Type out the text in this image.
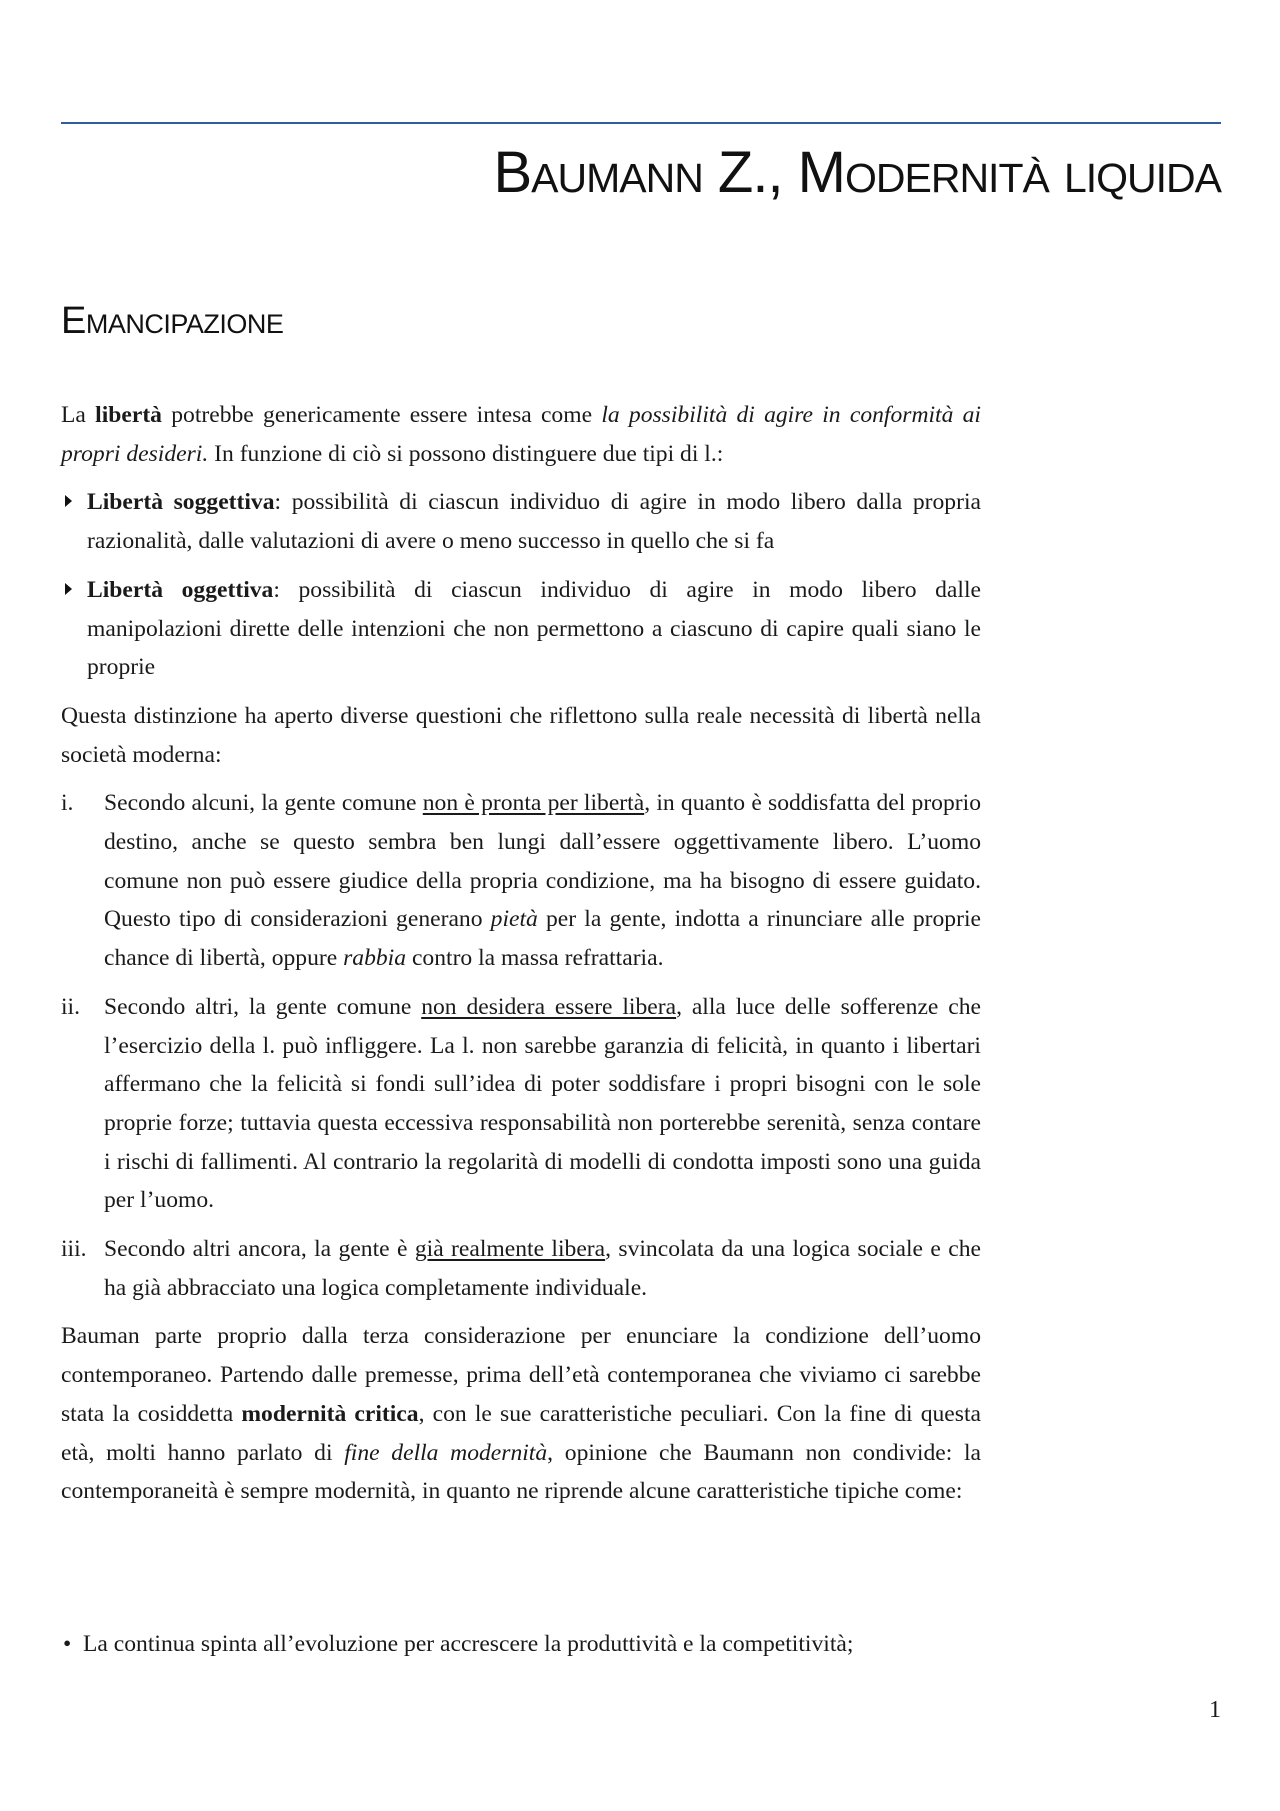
Baumann Z., Modernità liquida
Emancipazione

La libertà potrebbe genericamente essere intesa come la possibilità di agire in conformità ai propri desideri. In funzione di ciò si possono distinguere due tipi di l.:

Libertà soggettiva: possibilità di ciascun individuo di agire in modo libero dalla propria razionalità, dalle valutazioni di avere o meno successo in quello che si fa
Libertà oggettiva: possibilità di ciascun individuo di agire in modo libero dalle manipolazioni dirette delle intenzioni che non permettono a ciascuno di capire quali siano le proprie

Questa distinzione ha aperto diverse questioni che riflettono sulla reale necessità di libertà nella società moderna:

i. Secondo alcuni, la gente comune non è pronta per libertà, in quanto è soddisfatta del proprio destino, anche se questo sembra ben lungi dall’essere oggettivamente libero. L’uomo comune non può essere giudice della propria condizione, ma ha bisogno di essere guidato. Questo tipo di considerazioni generano pietà per la gente, indotta a rinunciare alle proprie chance di libertà, oppure rabbia contro la massa refrattaria.
ii. Secondo altri, la gente comune non desidera essere libera, alla luce delle sofferenze che l’esercizio della l. può infliggere. La l. non sarebbe garanzia di felicità, in quanto i libertari affermano che la felicità si fondi sull’idea di poter soddisfare i propri bisogni con le sole proprie forze; tuttavia questa eccessiva responsabilità non porterebbe serenità, senza contare i rischi di fallimenti. Al contrario la regolarità di modelli di condotta imposti sono una guida per l’uomo.
iii. Secondo altri ancora, la gente è già realmente libera, svincolata da una logica sociale e che ha già abbracciato una logica completamente individuale.

Bauman parte proprio dalla terza considerazione per enunciare la condizione dell’uomo contemporaneo. Partendo dalle premesse, prima dell’età contemporanea che viviamo ci sarebbe stata la cosiddetta modernità critica, con le sue caratteristiche peculiari. Con la fine di questa età, molti hanno parlato di fine della modernità, opinione che Baumann non condivide: la contemporaneità è sempre modernità, in quanto ne riprende alcune caratteristiche tipiche come:

• La continua spinta all’evoluzione per accrescere la produttività e la competitività;
1
